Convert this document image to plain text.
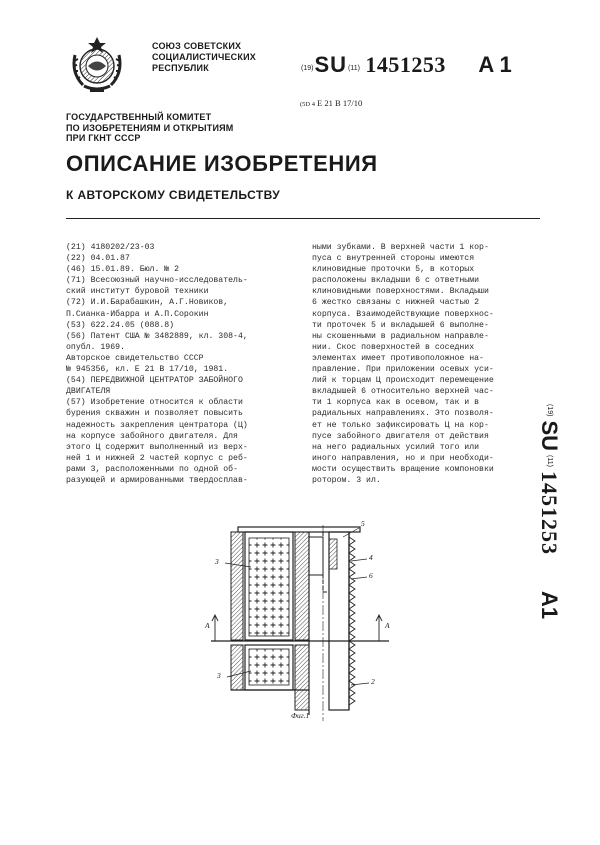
СОЮЗ СОВЕТСКИХ
СОЦИАЛИСТИЧЕСКИХ
РЕСПУБЛИК	(19)SU(11) 1451253 A 1
(5D 4 Е 21 В 17/10
ГОСУДАРСТВЕННЫЙ КОМИТЕТ
ПО ИЗОБРЕТЕНИЯМ И ОТКРЫТИЯМ
ПРИ ГКНТ СССР
ОПИСАНИЕ ИЗОБРЕТЕНИЯ
К АВТОРСКОМУ СВИДЕТЕЛЬСТВУ
(21) 4180202/23-03
(22) 04.01.87
(46) 15.01.89. Бюл. № 2
(71) Всесоюзный научно-исследователь-
ский институт буровой техники
(72) И.И.Барабашкин, А.Г.Новиков,
П.Сианка-Ибарра и А.П.Сорокин
(53) 622.24.05 (088.8)
(56) Патент США № 3482889, кл. 308-4,
опубл. 1969.
Авторское свидетельство СССР
№ 945356, кл. Е 21 В 17/10, 1981.
(54) ПЕРЕДВИЖНОЙ ЦЕНТРАТОР ЗАБОЙНОГО
ДВИГАТЕЛЯ
(57) Изобретение относится к области
бурения скважин и позволяет повысить
надежность закрепления центратора (Ц)
на корпусе забойного двигателя. Для
этого Ц содержит выполненный из верх-
ней 1 и нижней 2 частей корпус с реб-
рами 3, расположенными по одной об-
разующей и армированными твердосплав-
ными зубками. В верхней части 1 кор-
пуса с внутренней стороны имеются
клиновидные проточки 5, в которых
расположены вкладыши 6 с ответными
клиновидными поверхностями. Вкладыши
6 жестко связаны с нижней частью 2
корпуса. Взаимодействующие поверхнос-
ти проточек 5 и вкладышей 6 выполне-
ны скошенными в радиальном направле-
нии. Скос поверхностей в соседних
элементах имеет противоположное на-
правление. При приложении осевых уси-
лий к торцам Ц происходит перемещение
вкладышей 6 относительно верхней час-
ти 1 корпуса как в осевом, так и в
радиальных направлениях. Это позволя-
ет не только зафиксировать Ц на кор-
пусе забойного двигателя от действия
на него радиальных усилий того или
иного направления, но и при необходи-
мости осуществить вращение компоновки
ротором. 3 ил.
(19)
SU
(11)
1451253
A1
3
3
5
4
6
А	А
2
Фиг.1
